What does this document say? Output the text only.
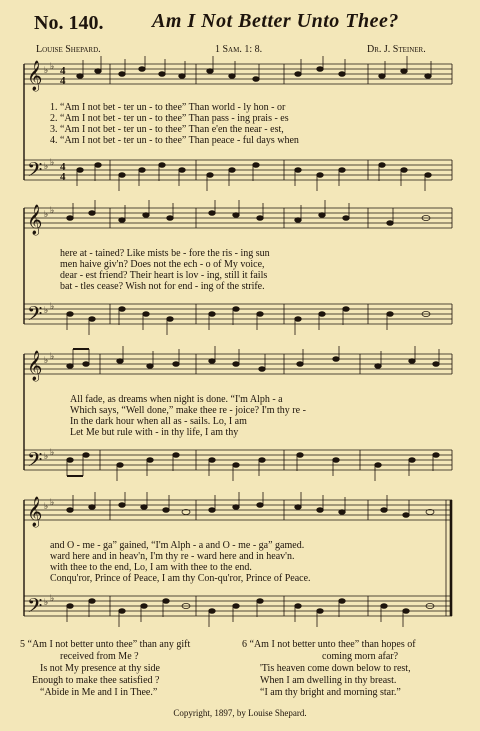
No. 140. Am I Not Better Unto Thee?
Louise Shepard.	1 Sam. 1: 8.	Dr. J. Steiner.
𝄞
𝄢
♭ ♭
♭ ♭
4
4
4
4
1. “Am I not bet - ter un - to thee” Than world - ly hon - or
2. “Am I not bet - ter un - to thee” Than pass - ing prais - es
3. “Am I not bet - ter un - to thee” Than e'en the near - est,
4. “Am I not bet - ter un - to thee” Than peace - ful days when
𝄞
𝄢
♭ ♭
♭ ♭
here at - tained? Like mists be - fore the ris - ing sun
men haive giv'n? Does not the ech - o of My voice,
dear - est friend? Their heart is lov - ing, still it fails
bat - tles cease? Wish not for end - ing of the strife.
𝄞
𝄢
♭ ♭
♭ ♭
All fade, as dreams when night is done. “I'm Alph - a
Which says, “Well done,” make thee re - joice? I'm thy re -
In the dark hour when all as - sails. Lo, I am
Let Me but rule with - in thy life, I am thy
𝄞
𝄢
♭ ♭
♭ ♭
and O - me - ga” gained, “I'm Alph - a and O - me - ga” gamed.
ward here and in heav'n, I'm thy re - ward here and in heav'n.
with thee to the end, Lo, I am with thee to the end.
Conqu'ror, Prince of Peace, I am thy Con-qu'ror, Prince of Peace.
5 “Am I not better unto thee” than any gift
received from Me ?
Is not My presence at thy side
Enough to make thee satisfied ?
“Abide in Me and I in Thee.”
6 “Am I not better unto thee” than hopes of
coming morn afar?
'Tis heaven come down below to rest,
When I am dwelling in thy breast.
“I am thy bright and morning star.”
Copyright, 1897, by Louise Shepard.
